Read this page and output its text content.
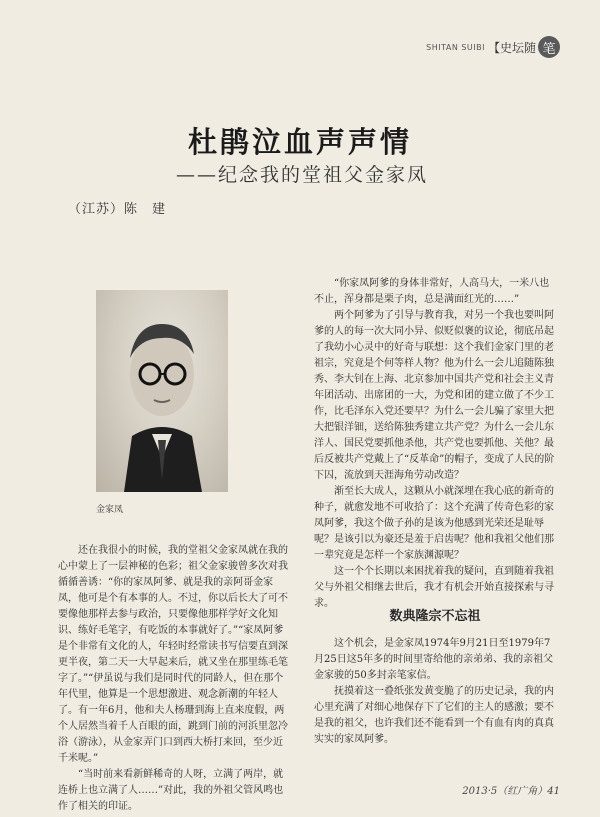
SHITAN SUIBI 【史坛随 笔
杜鹃泣血声声情
——纪念我的堂祖父金家凤
（江苏）陈　建
金家凤

还在我很小的时候，我的堂祖父金家凤就在我的心中蒙上了一层神秘的色彩；祖父金家骏曾多次对我循循善诱：“你的家凤阿爹、就是我的亲阿哥金家凤，他可是个有本事的人。不过，你以后长大了可不要像他那样去参与政治，只要像他那样学好文化知识、练好毛笔字，有吃饭的本事就好了。”“家凤阿爹是个非常有文化的人，年轻时经常读书写信要直到深更半夜，第二天一大早起来后，就又坐在那里练毛笔字了。”“伊虽说与我们是同时代的同龄人，但在那个年代里，他算是一个思想激进、观念新潮的年轻人了。有一年6月，他和夫人杨珊到海上直来度假，两个人居然当着千人百眼的面，跳到门前的河浜里忽冷浴（游泳），从金家弄门口到西大桥打来回，至少近千米呢。”

“当时前来看新鲜稀奇的人呀，立满了两岸，就连桥上也立满了人……”对此，我的外祖父管风鸣也作了相关的印证。

“你家凤阿爹的身体非常好，人高马大，一米八也不止，浑身都是栗子肉，总是满面红光的……”

两个阿爹为了引导与教育我，对另一个我也要叫阿爹的人的每一次大同小异、似贬似褒的议论，彻底吊起了我幼小心灵中的好奇与联想：这个我们金家门里的老祖宗，究竟是个何等样人物？他为什么一会儿追随陈独秀、李大钊在上海、北京参加中国共产党和社会主义青年团活动、出席团的一大，为党和团的建立做了不少工作，比毛泽东入党还要早？为什么一会儿骗了家里大把大把银洋钿，送给陈独秀建立共产党？为什么一会儿东洋人、国民党要抓他杀他，共产党也要抓他、关他？最后反被共产党戴上了“反革命”的帽子，变成了人民的阶下囚，流放到天涯海角劳动改造？

渐至长大成人，这颗从小就深埋在我心底的新奇的种子，就愈发地不可收拾了：这个充满了传奇色彩的家凤阿爹，我这个做子孙的是该为他感到光荣还是耻辱呢？是该引以为豪还是羞于启齿呢？他和我祖父他们那一辈究竟是怎样一个家族渊源呢？

这一个个长期以来困扰着我的疑问，直到随着我祖父与外祖父相继去世后，我才有机会开始直接探索与寻求。

数典隆宗不忘祖

这个机会，是金家凤1974年9月21日至1979年7月25日这5年多的时间里寄给他的亲弟弟、我的亲祖父金家骏的50多封亲笔家信。

抚摸着这一叠纸张发黄变脆了的历史记录，我的内心里充满了对细心地保存下了它们的主人的感激；要不是我的祖父，也许我们还不能看到一个有血有肉的真真实实的家凤阿爹。

2013·5（红广角）41
